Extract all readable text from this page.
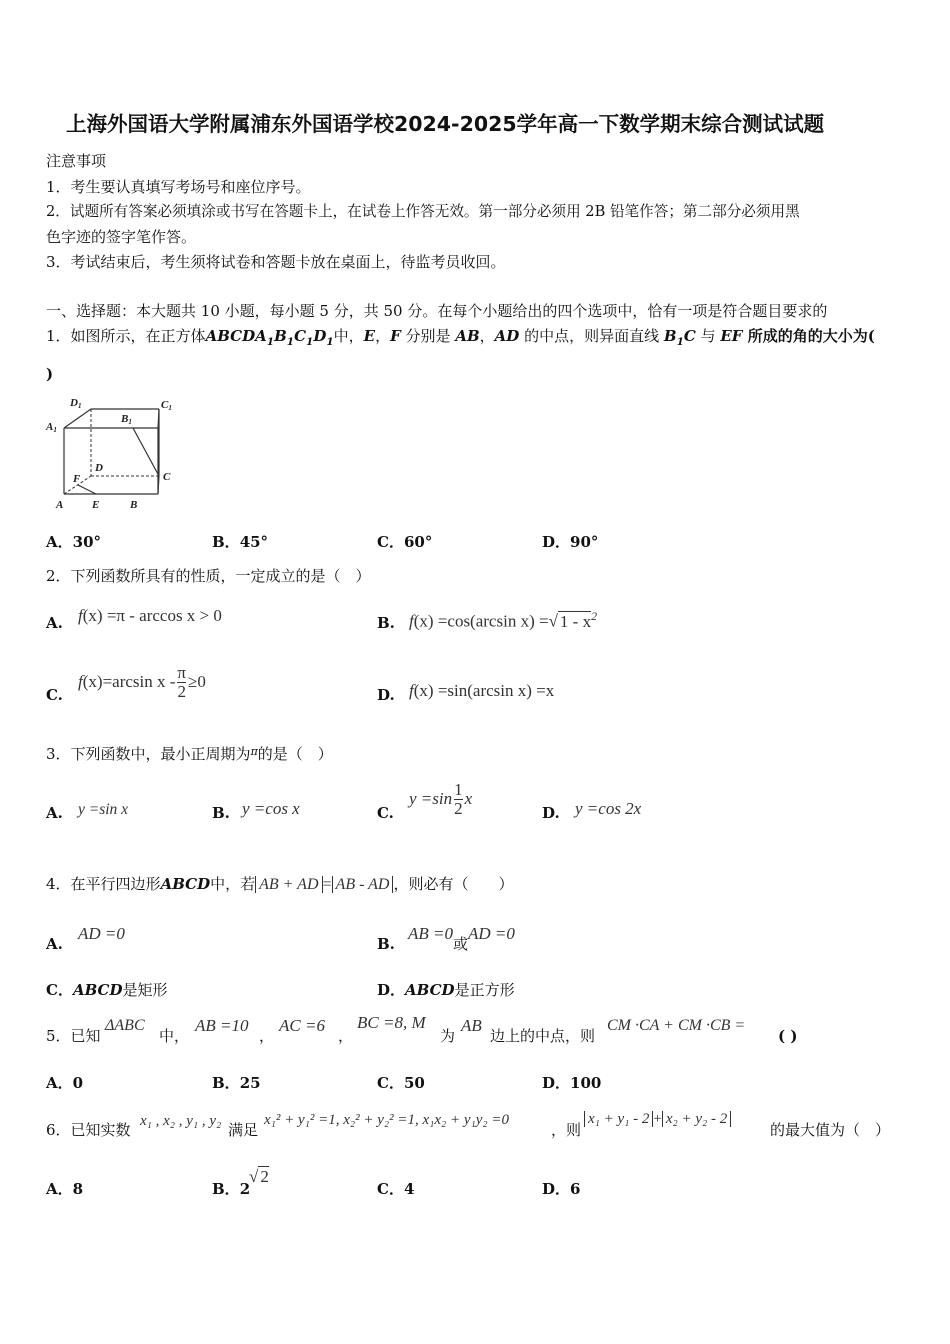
上海外国语大学附属浦东外国语学校2024-2025学年高一下数学期末综合测试试题
注意事项
1．考生要认真填写考场号和座位序号。
2．试题所有答案必须填涂或书写在答题卡上，在试卷上作答无效。第一部分必须用 2B 铅笔作答；第二部分必须用黑
色字迹的签字笔作答。
3．考试结束后，考生须将试卷和答题卡放在桌面上，待监考员收回。
一、选择题：本大题共 10 小题，每小题 5 分，共 50 分。在每个小题给出的四个选项中，恰有一项是符合题目要求的
1．如图所示，在正方体$ABCDA_1B_1C_1D_1$中，E，F 分别是 AB，AD 的中点，则异面直线 $B_1C$ 与 EF 所成的角的大小为(
)
A1
D1
B1
C1
D
F	C
A	E	B
A．30°	B．45°	C．60°	D．90°
2．下列函数所具有的性质，一定成立的是（　）
A. f(x) =π - arccos x > 0	B. f(x) =cos(arcsin x) =√ $1 - x^2$
C.
f (x) =arcsin $x - \frac{\pi}{2} \ge 0$
D. f(x) =sin(arcsin x) =x
3．下列函数中，最小正周期为$^\pi$的是（　）
A. y =sin x	B. y =cos x	C.
$y =\sin \frac{1}{2}$ x
D. y =cos 2x
4．在平行四边形ABCD中，若 AB + AD = AB - AD ，则必有（　　）
A.
AD =0
B.
AB =0或AD =0
C．ABCD是矩形	D．ABCD是正方形
5．已知
ΔABC
中，
AB =10
，
AC =6
，
BC =8, M
为
AB
边上的中点，则
CM ·CA + CM ·CB =
( )
A．0	B．25	C．50	D．100
6．已知实数 x₁ , x₂ , y₁ , y₂ 满足
x₁² + y₁² =1, x₂² + y₂² =1, x₁x₂ + y₁y₂ =0
，则
x₁ + y₁ - 2 + x₂ + y₂ - 2
的最大值为（　）
A．8	B．2
√ 2
C．4	D．6
